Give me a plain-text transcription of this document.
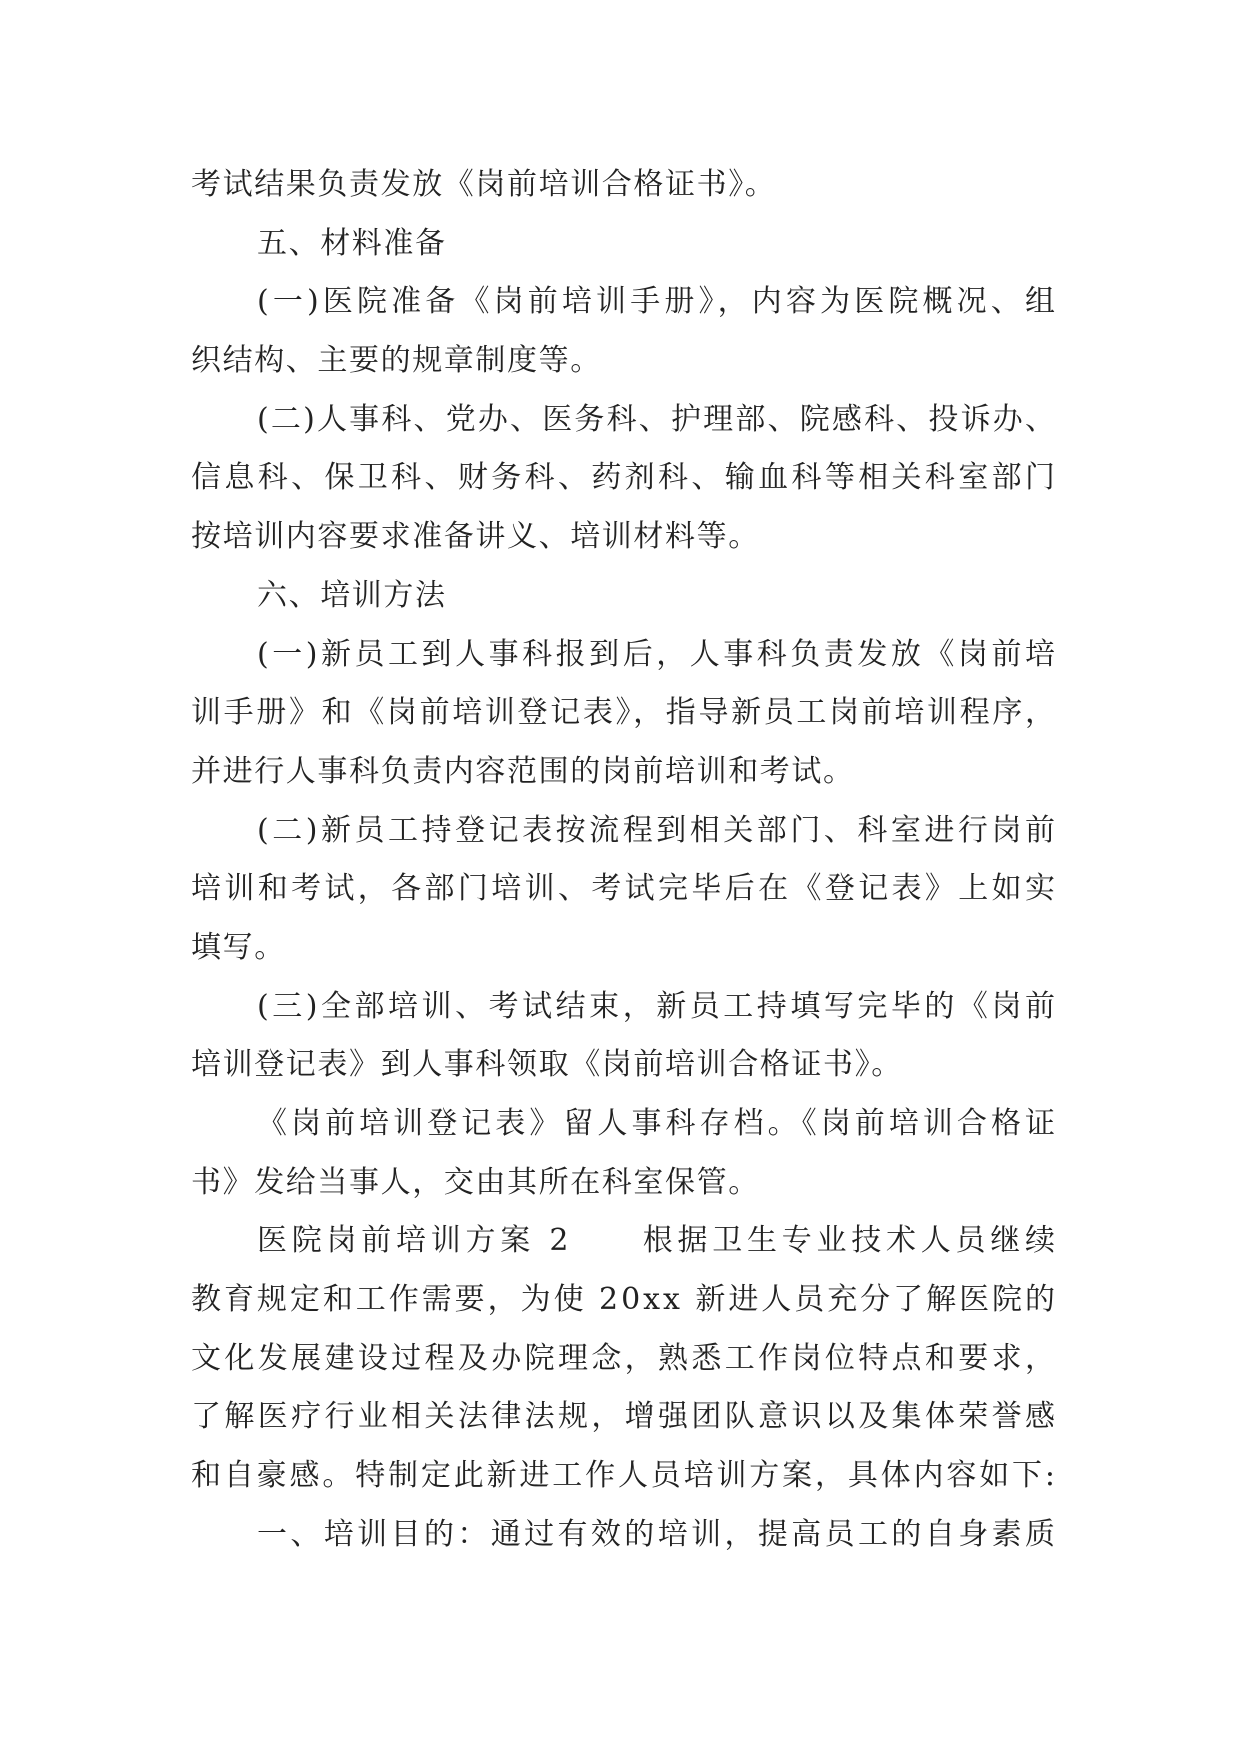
考试结果负责发放《岗前培训合格证书》。
五、材料准备
(一)医院准备《岗前培训手册》，内容为医院概况、组
织结构、主要的规章制度等。
(二)人事科、党办、医务科、护理部、院感科、投诉办、
信息科、保卫科、财务科、药剂科、输血科等相关科室部门
按培训内容要求准备讲义、培训材料等。
六、培训方法
(一)新员工到人事科报到后，人事科负责发放《岗前培
训手册》和《岗前培训登记表》，指导新员工岗前培训程序，
并进行人事科负责内容范围的岗前培训和考试。
(二)新员工持登记表按流程到相关部门、科室进行岗前
培训和考试，各部门培训、考试完毕后在《登记表》上如实
填写。
(三)全部培训、考试结束，新员工持填写完毕的《岗前
培训登记表》到人事科领取《岗前培训合格证书》。
《岗前培训登记表》留人事科存档。《岗前培训合格证
书》发给当事人，交由其所在科室保管。
医院岗前培训方案 2　　根据卫生专业技术人员继续
教育规定和工作需要，为使 20xx 新进人员充分了解医院的
文化发展建设过程及办院理念，熟悉工作岗位特点和要求，
了解医疗行业相关法律法规，增强团队意识以及集体荣誉感
和自豪感。特制定此新进工作人员培训方案，具体内容如下:
一、培训目的：通过有效的培训，提高员工的自身素质
